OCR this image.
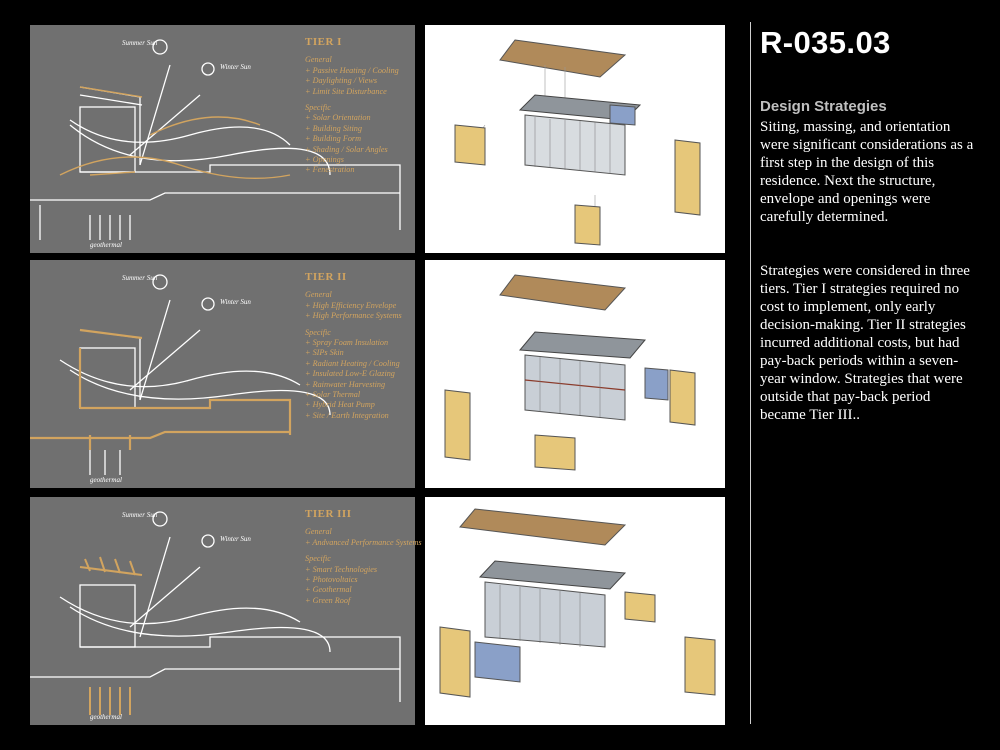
Summer Sun
Winter Sun
geothermal
TIER I
General
+ Passive Heating / Cooling
+ Daylighting / Views
+ Limit Site Disturbance
Specific
+ Solar Orientation
+ Building Siting
+ Building Form
+ Shading / Solar Angles
+ Openings
+ Fenestration
Summer Sun
Winter Sun
geothermal
TIER II
General
+ High Efficiency Envelope
+ High Performance Systems
Specific
+ Spray Foam Insulation
+ SIPs Skin
+ Radiant Heating / Cooling
+ Insulated Low-E Glazing
+ Rainwater Harvesting
+ Solar Thermal
+ Hybrid Heat Pump
+ Site / Earth Integration
Summer Sun
Winter Sun
geothermal
TIER III
General
+ Andvanced Performance Systems
Specific
+ Smart Technologies
+ Photovoltaics
+ Geothermal
+ Green Roof
R-035.03
Design Strategies

Siting, massing, and orientation were significant considerations as a first step in the design of this residence. Next the structure, envelope and openings were carefully determined.

Strategies were considered in three tiers. Tier I strategies required no cost to implement, only early decision-making. Tier II strategies incurred additional costs, but had pay-back periods within a seven-year window. Strategies that were outside that pay-back period became Tier III..
